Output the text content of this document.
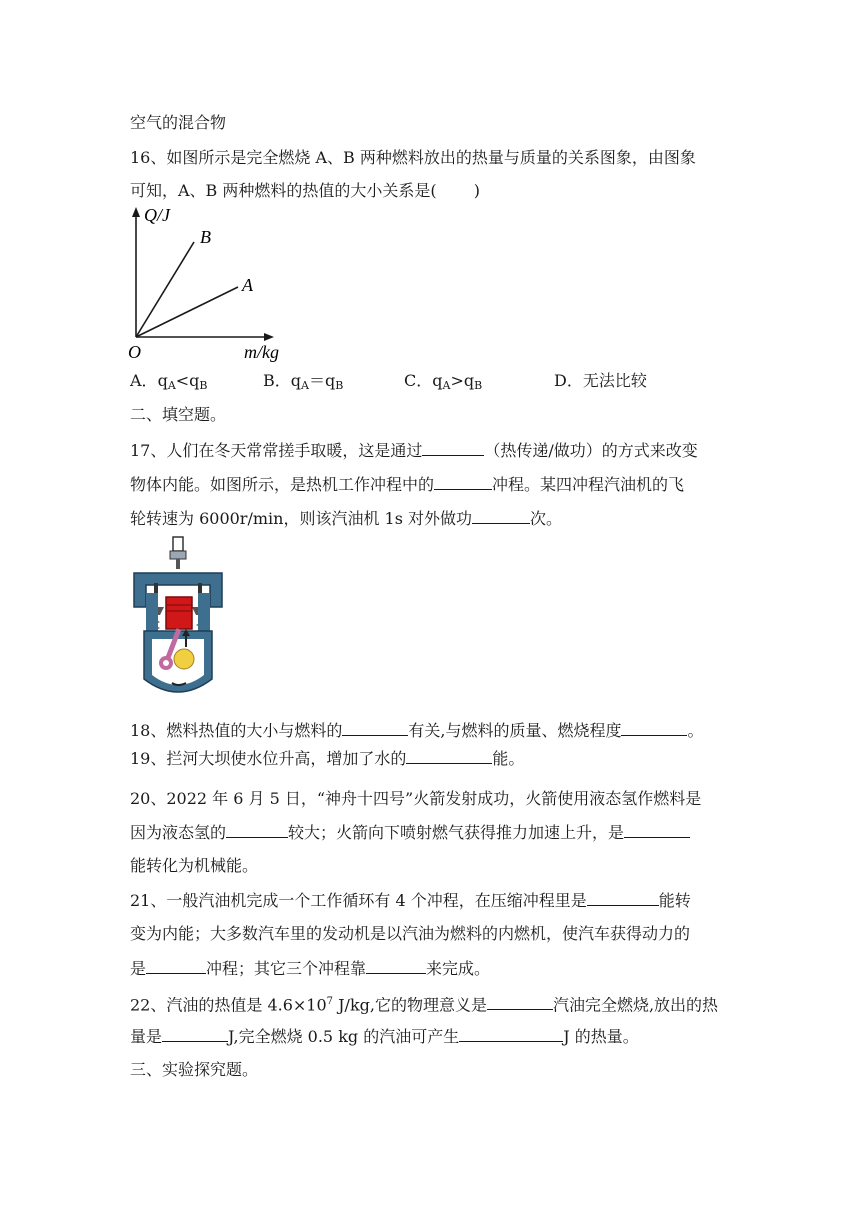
空气的混合物
16、如图所示是完全燃烧 A、B 两种燃料放出的热量与质量的关系图象，由图象
可知，A、B 两种燃料的热值的大小关系是(　　 )
Q/J
B
A
O	m/kg
A．$q_A<q_B$	B．$q_A=q_B$	C．$q_A>q_B$	D．无法比较
二、填空题。
17、人们在冬天常常搓手取暖，这是通过	（热传递/做功）的方式来改变
物体内能。如图所示，是热机工作冲程中的	冲程。某四冲程汽油机的飞
轮转速为 6000r/min，则该汽油机 1s 对外做功	次。
18、燃料热值的大小与燃料的	有关,与燃料的质量、燃烧程度	。
19、拦河大坝使水位升高，增加了水的	能。
20、2022 年 6 月 5 日，“神舟十四号”火箭发射成功，火箭使用液态氢作燃料是
因为液态氢的	较大；火箭向下喷射燃气获得推力加速上升，是
能转化为机械能。
21、一般汽油机完成一个工作循环有 4 个冲程，在压缩冲程里是	能转
变为内能；大多数汽车里的发动机是以汽油为燃料的内燃机，使汽车获得动力的
是	冲程；其它三个冲程靠	来完成。
22、汽油的热值是 $4.6\times 10^7$ J/kg,它的物理意义是	汽油完全燃烧,放出的热
量是	J,完全燃烧 0.5 kg 的汽油可产生	J 的热量。
三、实验探究题。
